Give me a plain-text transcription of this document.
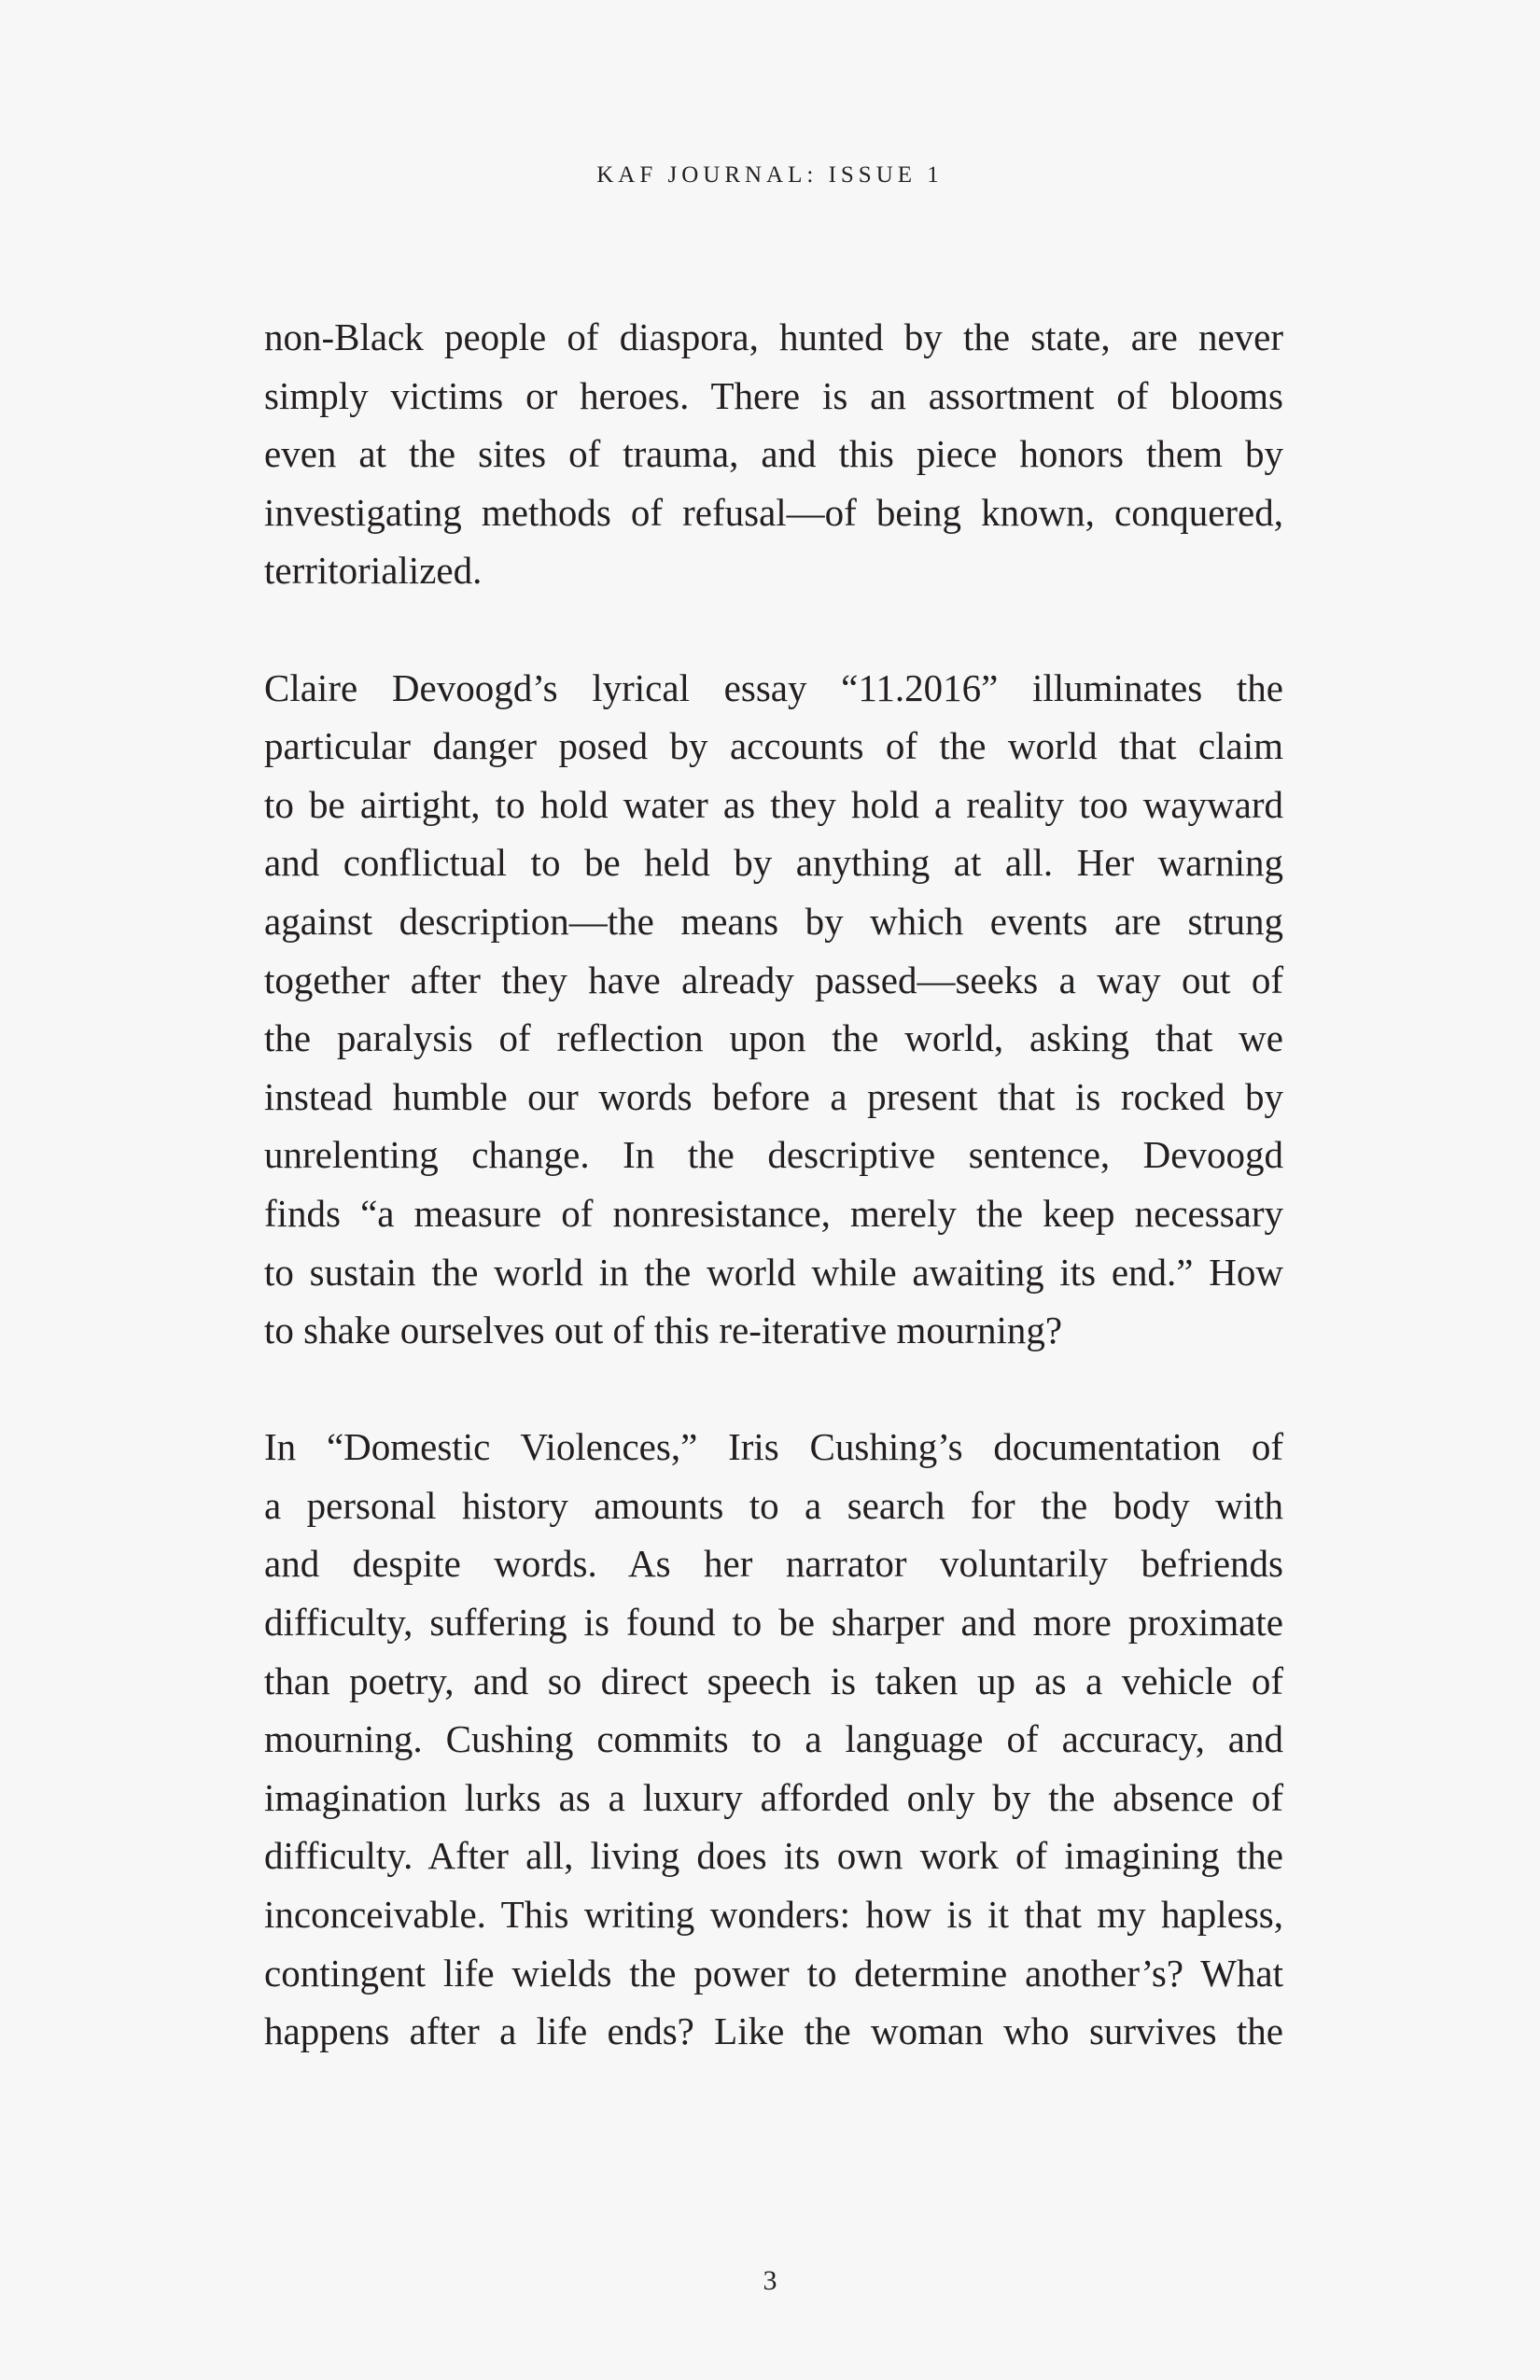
KAF JOURNAL: ISSUE 1
non-Black people of diaspora, hunted by the state, are never
simply victims or heroes. There is an assortment of blooms
even at the sites of trauma, and this piece honors them by
investigating methods of refusal—of being known, conquered,
territorialized.
Claire Devoogd’s lyrical essay “11.2016” illuminates the
particular danger posed by accounts of the world that claim
to be airtight, to hold water as they hold a reality too wayward
and conflictual to be held by anything at all. Her warning
against description—the means by which events are strung
together after they have already passed—seeks a way out of
the paralysis of reflection upon the world, asking that we
instead humble our words before a present that is rocked by
unrelenting change. In the descriptive sentence, Devoogd
finds “a measure of nonresistance, merely the keep necessary
to sustain the world in the world while awaiting its end.” How
to shake ourselves out of this re-iterative mourning?
In “Domestic Violences,” Iris Cushing’s documentation of
a personal history amounts to a search for the body with
and despite words. As her narrator voluntarily befriends
difficulty, suffering is found to be sharper and more proximate
than poetry, and so direct speech is taken up as a vehicle of
mourning. Cushing commits to a language of accuracy, and
imagination lurks as a luxury afforded only by the absence of
difficulty. After all, living does its own work of imagining the
inconceivable. This writing wonders: how is it that my hapless,
contingent life wields the power to determine another’s? What
happens after a life ends? Like the woman who survives the
3
